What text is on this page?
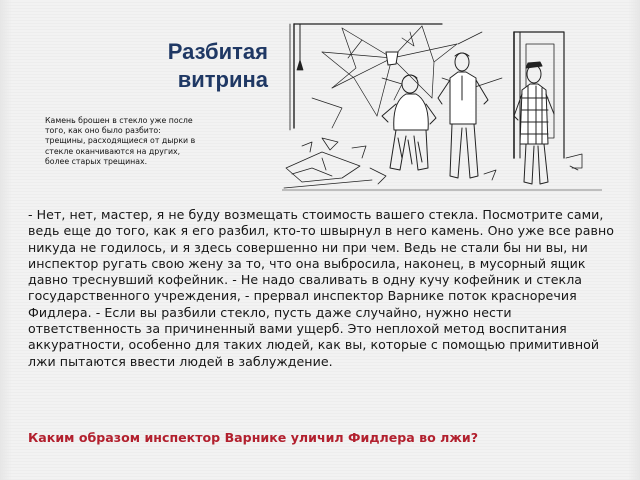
Разбитая
витрина
Камень брошен в стекло уже после того, как оно было разбито: трещины, расходящиеся от дырки в стекле оканчиваются на других, более старых трещинах.
- Нет, нет, мастер, я не буду возмещать стоимость вашего стекла. Посмотрите сами, ведь еще до того, как я его разбил, кто-то швырнул в него камень. Оно уже все равно никуда не годилось, и я здесь совершенно ни при чем. Ведь не стали бы ни вы, ни инспектор ругать свою жену за то, что она выбросила, наконец, в мусорный ящик давно треснувший кофейник. - Не надо сваливать в одну кучу кофейник и стекла государственного учреждения, - прервал инспектор Варнике поток красноречия Фидлера. - Если вы разбили стекло, пусть даже случайно, нужно нести ответственность за причиненный вами ущерб. Это неплохой метод воспитания аккуратности, особенно для таких людей, как вы, которые с помощью примитивной лжи пытаются ввести людей в заблуждение.
Каким образом инспектор Варнике уличил Фидлера во лжи?
